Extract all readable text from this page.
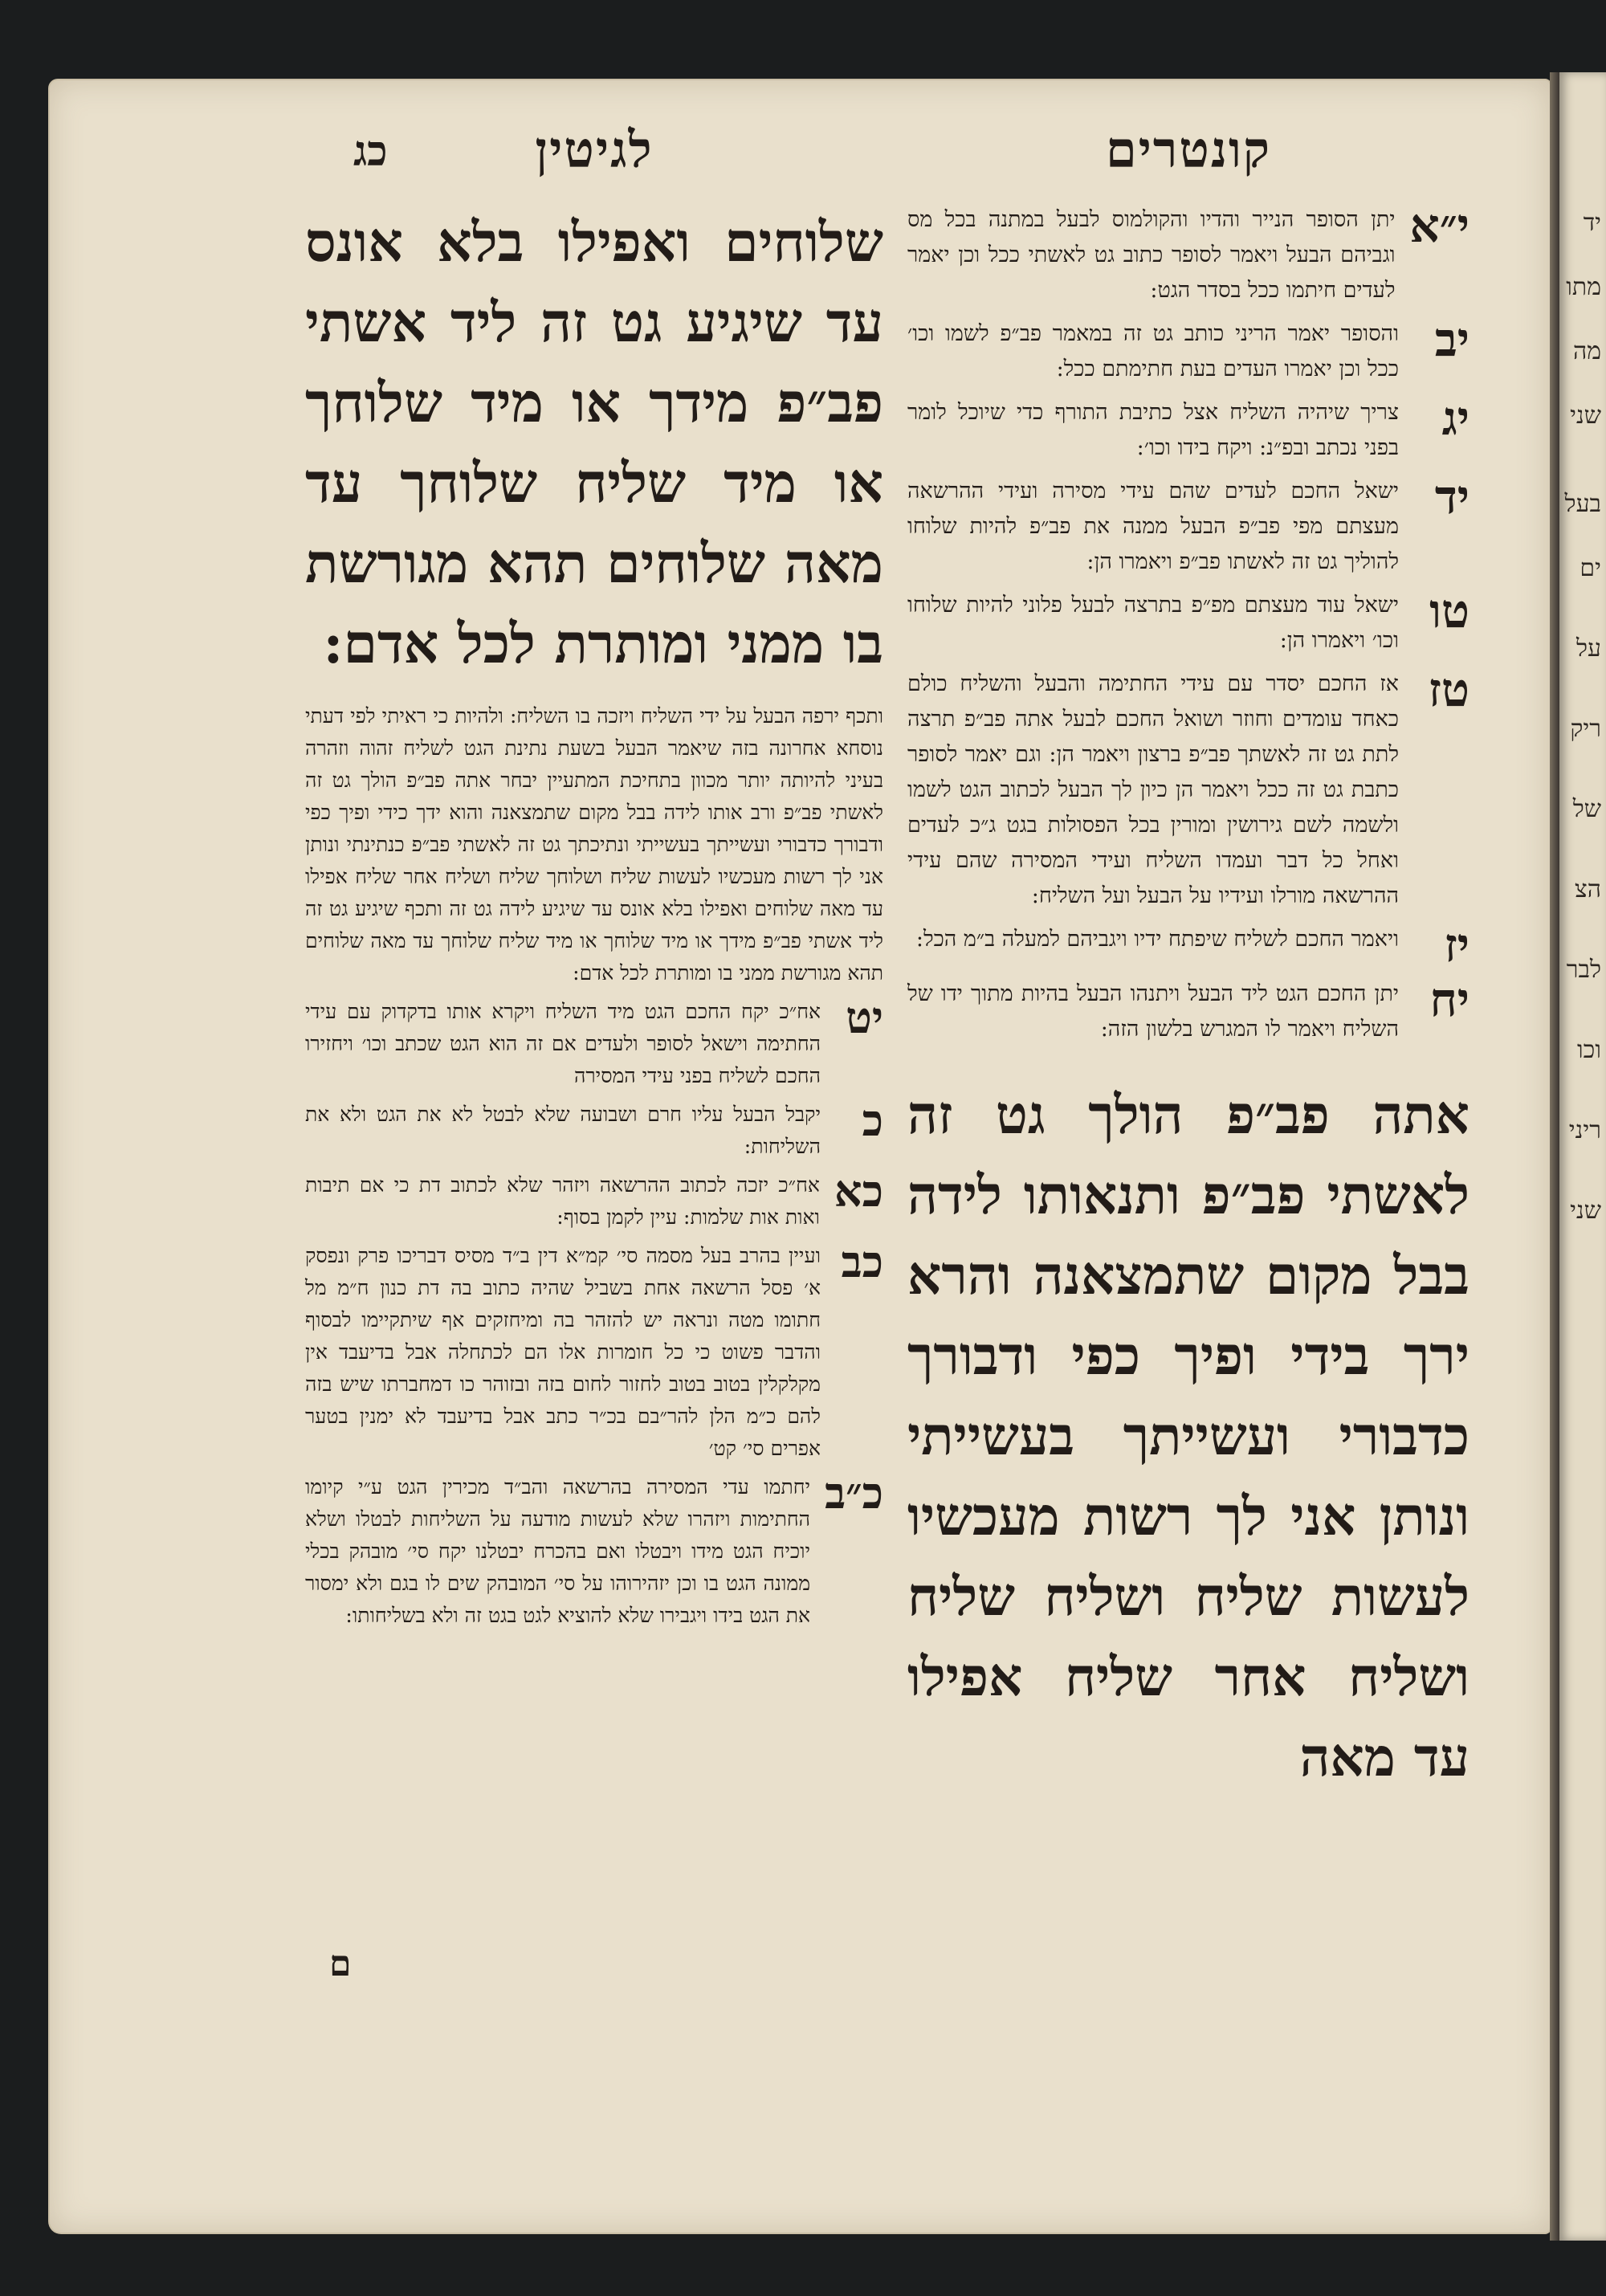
יד
מתו
מה
שני
בעל
ים
על
ריק
של
הצ
לבר
וכו
ריני
שני
כג	קונטרים
י״א
יתן הסופר הנייר והדיו והקולמוס לבעל במתנה בכל מס וגביהם הבעל ויאמר לסופר כתוב גט לאשתי ככל וכן יאמר לעדים חיתמו ככל בסדר הגט:
יב
והסופר יאמר הריני כותב גט זה במאמר פב״פ לשמו וכו׳ ככל וכן יאמרו העדים בעת חתימתם ככל:
יג
צריך שיהיה השליח אצל כתיבת התורף כדי שיוכל לומר בפני נכתב ובפ״נ: ויקח בידו וכו׳:
יד
ישאל החכם לעדים שהם עידי מסירה ועידי ההרשאה מעצתם מפי פב״פ הבעל ממנה את פב״פ להיות שלוחו להוליך גט זה לאשתו פב״פ ויאמרו הן:
טו
ישאל עוד מעצתם מפ״פ בתרצה לבעל פלוני להיות שלוחו וכו׳ ויאמרו הן:
טז
אז החכם יסדר עם עידי החתימה והבעל והשליח כולם כאחד עומדים וחוזר ושואל החכם לבעל אתה פב״פ תרצה לתת גט זה לאשתך פב״פ ברצון ויאמר הן: וגם יאמר לסופר כתבת גט זה ככל ויאמר הן כיון לך הבעל לכתוב הגט לשמו ולשמה לשם גירושין ומורין בכל הפסולות בגט ג״כ לעדים ואחל כל דבר ועמדו השליח ועידי המסירה שהם עידי ההרשאה מורלו ועידיו על הבעל ועל השליח:
יז
ויאמר החכם לשליח שיפתח ידיו ויגביהם למעלה ב״מ הכל:
יח
יתן החכם הגט ליד הבעל ויתנהו הבעל בהיות מתוך ידו של השליח ויאמר לו המגרש בלשון הזה:
אתה פב״פ הולך גט זה לאשתי פב״פ ותנאותו לידה בבל מקום שתמצאנה והרא ירך בידי ופיך כפי ודבורך כדבורי ועשייתך בעשייתי ונותן אני לך רשות מעכשיו לעשות שליח ושליח שליח ושליח אחר שליח אפילו עד מאה
לגיטין
שלוחים ואפילו בלא אונס עד שיגיע גט זה ליד אשתי פב״פ מידך או מיד שלוחך או מיד שליח שלוחך עד מאה שלוחים תהא מגורשת בו ממני ומותרת לכל אדם:
ותכף ירפה הבעל על ידי השליח ויזכה בו השליח: ולהיות כי ראיתי לפי דעתי נוסחא אחרונה בזה שיאמר הבעל בשעת נתינת הגט לשליח זהוה וזהרה בעיני להיותה יותר מכוון בתחיכת המתעיין יבחר אתה פב״פ הולך גט זה לאשתי פב״פ ורב אותו לידה בבל מקום שתמצאנה והוא ידך כידי ופיך כפי ודבורך כדבורי ועשייתך בעשייתי ונתיכתך גט זה לאשתי פב״פ כנתינתי ונותן אני לך רשות מעכשיו לעשות שליח ושלוחך שליח ושליח אחר שליח אפילו עד מאה שלוחים ואפילו בלא אונס עד שיגיע לידה גט זה ותכף שיגיע גט זה ליד אשתי פב״פ מידך או מיד שלוחך או מיד שליח שלוחך עד מאה שלוחים תהא מגורשת ממני בו ומותרת לכל אדם:
יט
אח״כ יקח החכם הגט מיד השליח ויקרא אותו בדקדוק עם עידי החתימה וישאל לסופר ולעדים אם זה הוא הגט שכתב וכו׳ ויחזירו החכם לשליח בפני עידי המסירה
כ
יקבל הבעל עליו חרם ושבועה שלא לבטל לא את הגט ולא את השליחות:
כא
אח״כ יזכה לכתוב ההרשאה ויזהר שלא לכתוב דת כי אם תיבות ואות אות שלמות: עיין לקמן בסוף:
כב
ועיין בהרב בעל מסמה סי׳ קמ״א דין ב״ד מסיס דבריכו פרק ונפסק א׳ פסל הרשאה אחת בשביל שהיה כתוב בה דת כנון ח״מ מל חתומו מטה ונראה יש להזהר בה ומיחזקים אף שיתקיימו לבסוף והדבר פשוט כי כל חומרות אלו הם לכתחלה אבל בדיעבד אין מקלקלין בטוב בטוב לחזור לחום בזה ובזוהר כו דמחברתו שיש בזה להם כ״מ הלן להר״בם בכ״ר כתב אבל בדיעבד לא ימנין בטער אפרים סי׳ קט׳
כ״ב
יחתמו עדי המסירה בהרשאה והב״ד מכירין הגט ע״י קיומו החתימות ויזהרו שלא לעשות מודעה על השליחות לבטלו ושלא יוכיח הגט מידו ויבטלו ואם בהכרח יבטלנו יקח סי׳ מובהק בכלי ממונה הגט בו וכן יזהירוהו על סי׳ המובהק שים לו בגם ולא ימסור את הגט בידו ויגבירו שלא להוציא לגט בגט זה ולא בשליחותו:
ם
